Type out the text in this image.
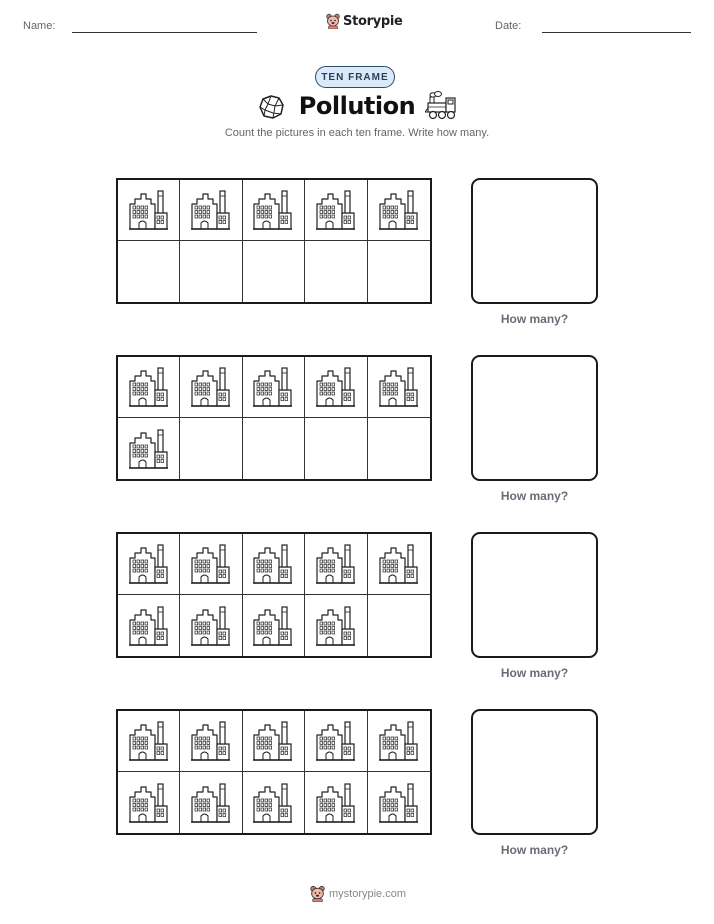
Name:	Storypie	Date:
TEN FRAME
Pollution
Count the pictures in each ten frame. Write how many.
How many?
How many?
How many?
How many?
mystorypie.com
